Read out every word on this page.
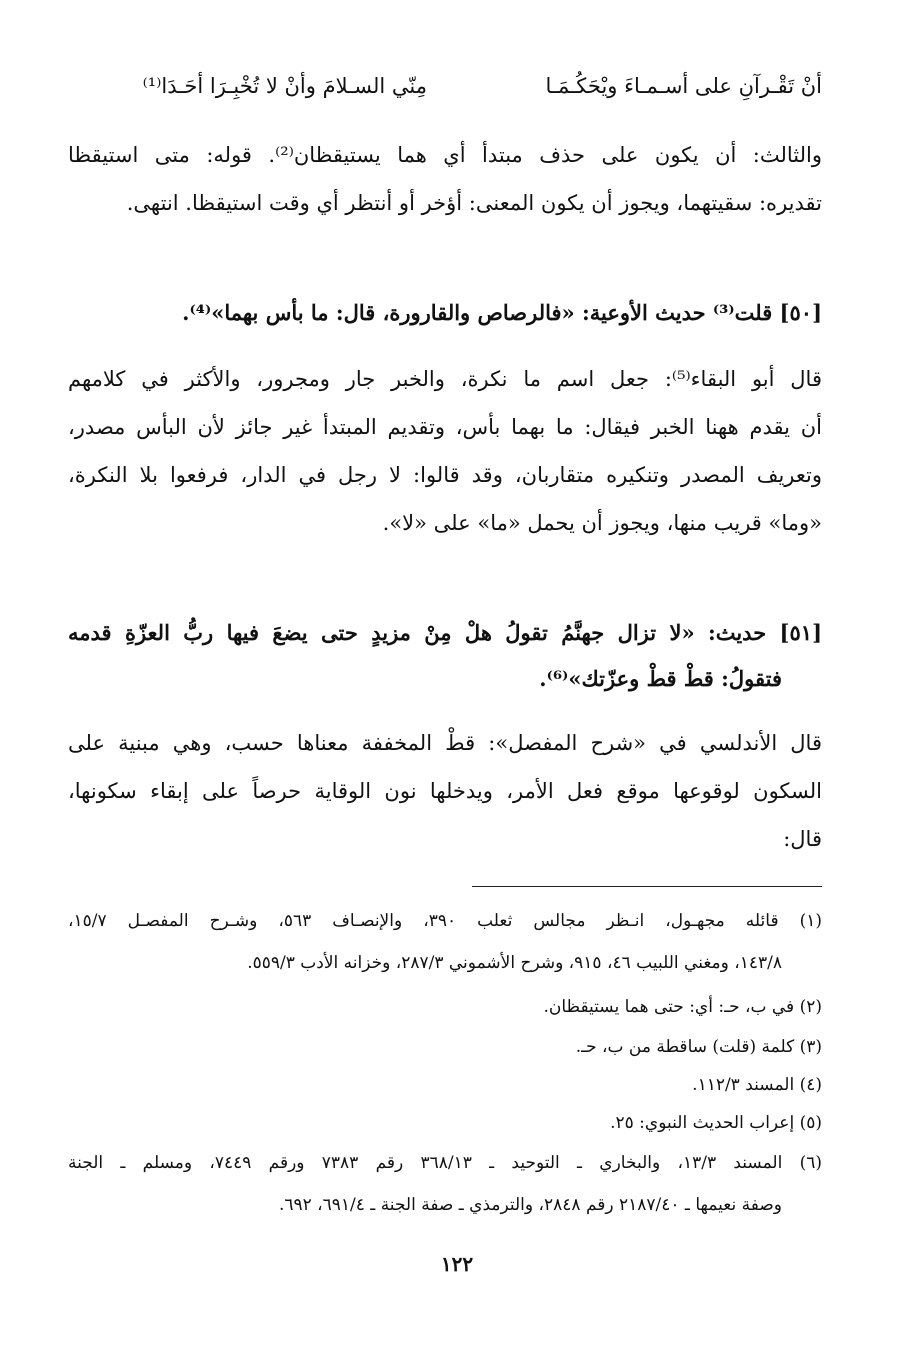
أنْ تَقْـرآنِ على أسـمـاءَ ويْحَكُـمَـا
مِنّي السـلامَ وأنْ لا تُخْبِـرَا أحَـدَا⁽¹⁾
والثالث: أن يكون على حذف مبتدأ أي هما يستيقظان⁽²⁾. قوله: متى استيقظا
تقديره: سقيتهما، ويجوز أن يكون المعنى: أؤخر أو أنتظر أي وقت استيقظا. انتهى.
[٥٠] قلت⁽³⁾ حديث الأوعية: «فالرصاص والقارورة، قال: ما بأس بهما»⁽⁴⁾.
قال أبو البقاء⁽⁵⁾: جعل اسم ما نكرة، والخبر جار ومجرور، والأكثر في كلامهم
أن يقدم ههنا الخبر فيقال: ما بهما بأس، وتقديم المبتدأ غير جائز لأن البأس مصدر،
وتعريف المصدر وتنكيره متقاربان، وقد قالوا: لا رجل في الدار، فرفعوا بلا النكرة،
«وما» قريب منها، ويجوز أن يحمل «ما» على «لا».
[٥١] حديث: «لا تزال جهنَّمُ تقولُ هلْ مِنْ مزيدٍ حتى يضعَ فيها ربُّ العزّةِ قدمه
فتقولُ: قطْ قطْ وعزّتك»⁽⁶⁾.
قال الأندلسي في «شرح المفصل»: قطْ المخففة معناها حسب، وهي مبنية على
السكون لوقوعها موقع فعل الأمر، ويدخلها نون الوقاية حرصاً على إبقاء سكونها،
قال:
(١) قائله مجهـول، انـظر مجالس ثعلب ٣٩٠، والإنصـاف ٥٦٣، وشـرح المفصـل ١٥/٧،
١٤٣/٨، ومغني اللبيب ٤٦، ٩١٥، وشرح الأشموني ٢٨٧/٣، وخزانه الأدب ٥٥٩/٣.
(٢) في ب، حـ: أي: حتى هما يستيقظان.
(٣) كلمة (قلت) ساقطة من ب، حـ.
(٤) المسند ١١٢/٣.
(٥) إعراب الحديث النبوي: ٢٥.
(٦) المسند ١٣/٣، والبخاري ـ التوحيد ـ ٣٦٨/١٣ رقم ٧٣٨٣ ورقم ٧٤٤٩، ومسلم ـ الجنة
وصفة نعيمها ـ ٢١٨٧/٤٠ رقم ٢٨٤٨، والترمذي ـ صفة الجنة ـ ٦٩١/٤، ٦٩٢.
١٢٢
